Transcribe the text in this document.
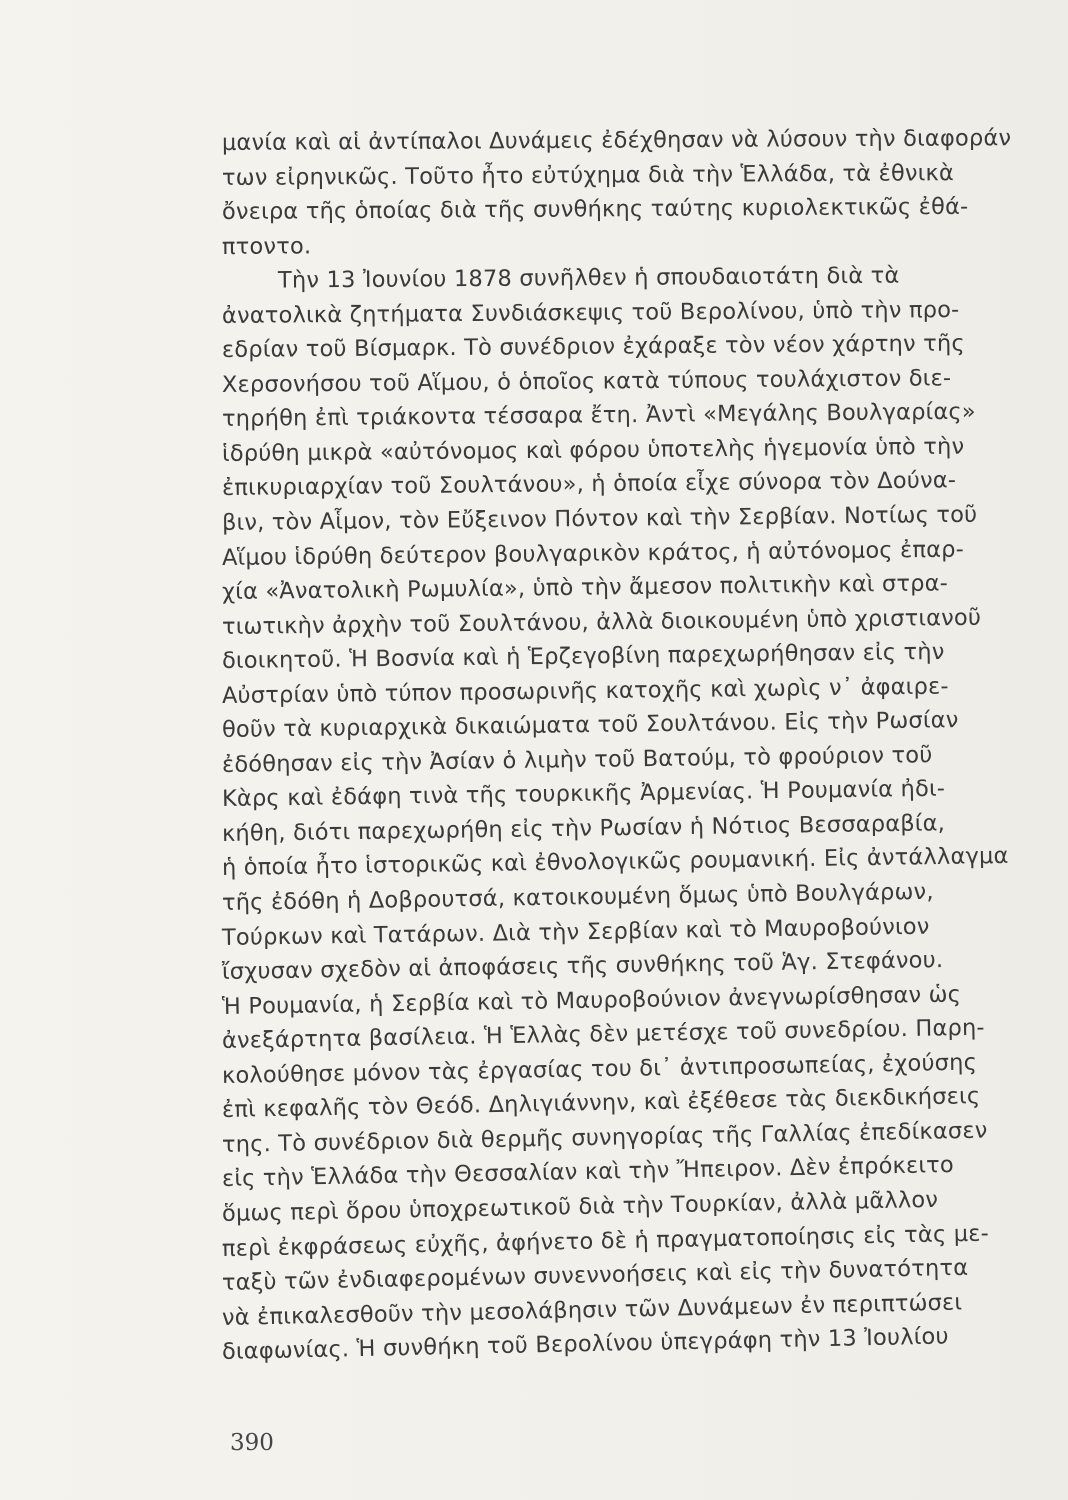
μανία καὶ αἱ ἀντίπαλοι Δυνάμεις ἐδέχθησαν νὰ λύσουν τὴν διαφοράν
των εἰρηνικῶς. Τοῦτο ἦτο εὐτύχημα διὰ τὴν Ἑλλάδα, τὰ ἐθνικὰ
ὄνειρα τῆς ὁποίας διὰ τῆς συνθήκης ταύτης κυριολεκτικῶς ἐθά-
πτοντο.
Τὴν 13 Ἰουνίου 1878 συνῆλθεν ἡ σπουδαιοτάτη διὰ τὰ
ἀνατολικὰ ζητήματα Συνδιάσκεψις τοῦ Βερολίνου, ὑπὸ τὴν προ-
εδρίαν τοῦ Βίσμαρκ. Τὸ συνέδριον ἐχάραξε τὸν νέον χάρτην τῆς
Χερσονήσου τοῦ Αἵμου, ὁ ὁποῖος κατὰ τύπους τουλάχιστον διε-
τηρήθη ἐπὶ τριάκοντα τέσσαρα ἔτη. Ἀντὶ «Μεγάλης Βουλγαρίας»
ἱδρύθη μικρὰ «αὐτόνομος καὶ φόρου ὑποτελὴς ἡγεμονία ὑπὸ τὴν
ἐπικυριαρχίαν τοῦ Σουλτάνου», ἡ ὁποία εἶχε σύνορα τὸν Δούνα-
βιν, τὸν Αἷμον, τὸν Εὔξεινον Πόντον καὶ τὴν Σερβίαν. Νοτίως τοῦ
Αἵμου ἱδρύθη δεύτερον βουλγαρικὸν κράτος, ἡ αὐτόνομος ἐπαρ-
χία «Ἀνατολικὴ Ρωμυλία», ὑπὸ τὴν ἄμεσον πολιτικὴν καὶ στρα-
τιωτικὴν ἀρχὴν τοῦ Σουλτάνου, ἀλλὰ διοικουμένη ὑπὸ χριστιανοῦ
διοικητοῦ. Ἡ Βοσνία καὶ ἡ Ἑρζεγοβίνη παρεχωρήθησαν εἰς τὴν
Αὐστρίαν ὑπὸ τύπον προσωρινῆς κατοχῆς καὶ χωρὶς ν᾽ ἀφαιρε-
θοῦν τὰ κυριαρχικὰ δικαιώματα τοῦ Σουλτάνου. Εἰς τὴν Ρωσίαν
ἐδόθησαν εἰς τὴν Ἀσίαν ὁ λιμὴν τοῦ Βατούμ, τὸ φρούριον τοῦ
Κὰρς καὶ ἐδάφη τινὰ τῆς τουρκικῆς Ἀρμενίας. Ἡ Ρουμανία ἠδι-
κήθη, διότι παρεχωρήθη εἰς τὴν Ρωσίαν ἡ Νότιος Βεσσαραβία,
ἡ ὁποία ἦτο ἱστορικῶς καὶ ἐθνολογικῶς ρουμανική. Εἰς ἀντάλλαγμα
τῆς ἐδόθη ἡ Δοβρουτσά, κατοικουμένη ὅμως ὑπὸ Βουλγάρων,
Τούρκων καὶ Τατάρων. Διὰ τὴν Σερβίαν καὶ τὸ Μαυροβούνιον
ἴσχυσαν σχεδὸν αἱ ἀποφάσεις τῆς συνθήκης τοῦ Ἁγ. Στεφάνου.
Ἡ Ρουμανία, ἡ Σερβία καὶ τὸ Μαυροβούνιον ἀνεγνωρίσθησαν ὡς
ἀνεξάρτητα βασίλεια. Ἡ Ἑλλὰς δὲν μετέσχε τοῦ συνεδρίου. Παρη-
κολούθησε μόνον τὰς ἐργασίας του δι᾽ ἀντιπροσωπείας, ἐχούσης
ἐπὶ κεφαλῆς τὸν Θεόδ. Δηλιγιάννην, καὶ ἐξέθεσε τὰς διεκδικήσεις
της. Τὸ συνέδριον διὰ θερμῆς συνηγορίας τῆς Γαλλίας ἐπεδίκασεν
εἰς τὴν Ἑλλάδα τὴν Θεσσαλίαν καὶ τὴν Ἤπειρον. Δὲν ἐπρόκειτο
ὅμως περὶ ὅρου ὑποχρεωτικοῦ διὰ τὴν Τουρκίαν, ἀλλὰ μᾶλλον
περὶ ἐκφράσεως εὐχῆς, ἀφήνετο δὲ ἡ πραγματοποίησις εἰς τὰς με-
ταξὺ τῶν ἐνδιαφερομένων συνεννοήσεις καὶ εἰς τὴν δυνατότητα
νὰ ἐπικαλεσθοῦν τὴν μεσολάβησιν τῶν Δυνάμεων ἐν περιπτώσει
διαφωνίας. Ἡ συνθήκη τοῦ Βερολίνου ὑπεγράφη τὴν 13 Ἰουλίου
390
